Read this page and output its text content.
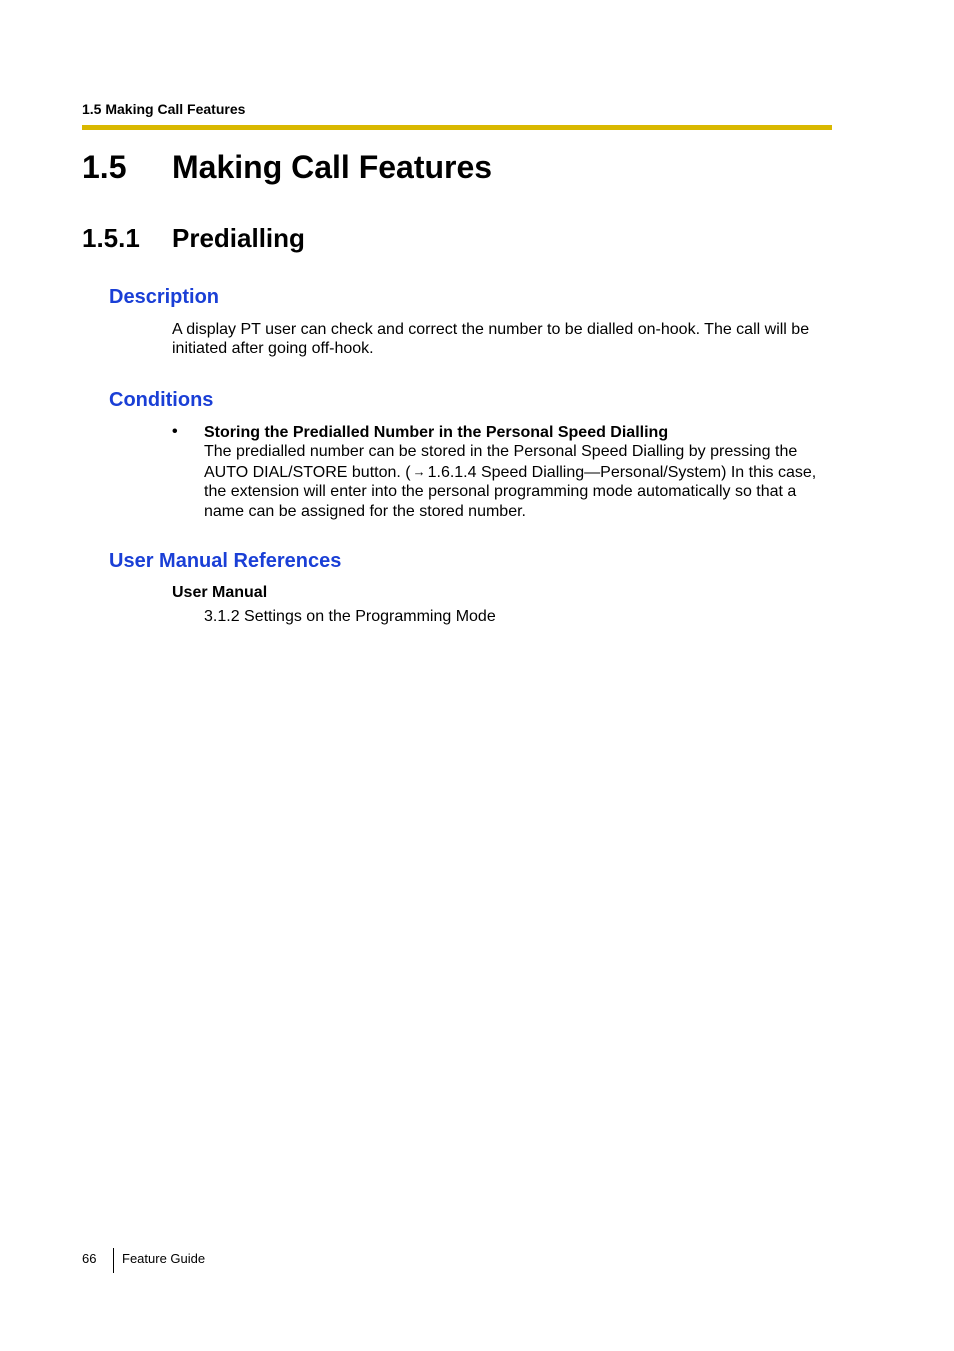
1.5 Making Call Features
1.5 Making Call Features
1.5.1 Predialling
Description
A display PT user can check and correct the number to be dialled on-hook. The call will be initiated after going off-hook.
Conditions
• Storing the Predialled Number in the Personal Speed Dialling
The predialled number can be stored in the Personal Speed Dialling by pressing the AUTO DIAL/STORE button. ( → 1.6.1.4 Speed Dialling—Personal/System) In this case, the extension will enter into the personal programming mode automatically so that a name can be assigned for the stored number.
User Manual References
User Manual
3.1.2 Settings on the Programming Mode
66 Feature Guide
